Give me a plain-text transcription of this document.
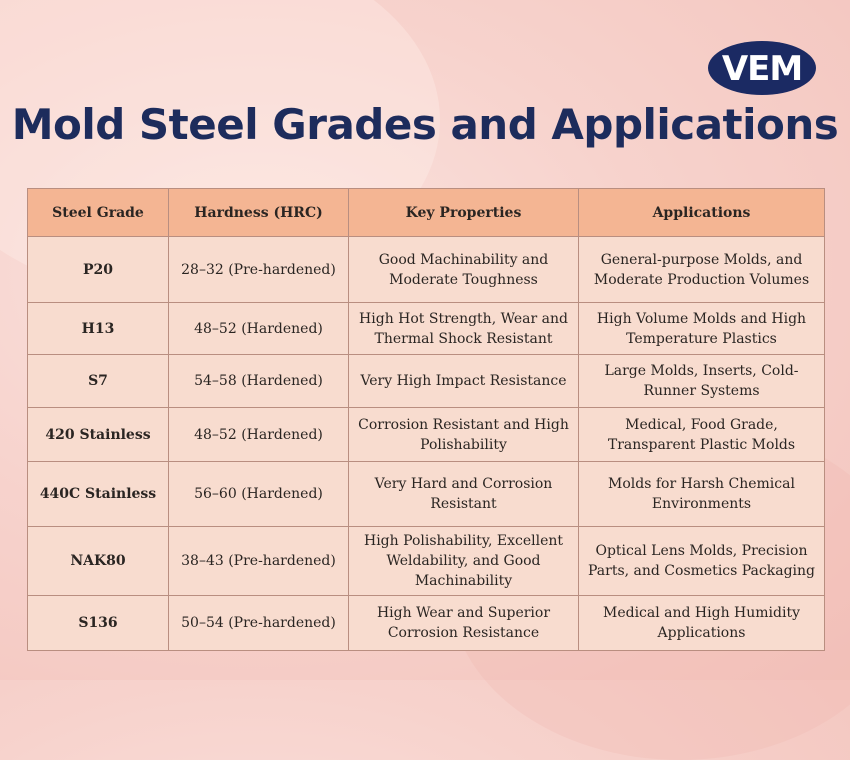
VEM
Mold Steel Grades and Applications
Steel Grade	Hardness (HRC)	Key Properties	Applications
P20	28–32 (Pre-hardened)	Good Machinability and Moderate Toughness	General-purpose Molds, and Moderate Production Volumes
H13	48–52 (Hardened)	High Hot Strength, Wear and Thermal Shock Resistant	High Volume Molds and High Temperature Plastics
S7	54–58 (Hardened)	Very High Impact Resistance	Large Molds, Inserts, Cold-Runner Systems
420 Stainless	48–52 (Hardened)	Corrosion Resistant and High Polishability	Medical, Food Grade, Transparent Plastic Molds
440C Stainless	56–60 (Hardened)	Very Hard and Corrosion Resistant	Molds for Harsh Chemical Environments
NAK80	38–43 (Pre-hardened)	High Polishability, Excellent Weldability, and Good Machinability	Optical Lens Molds, Precision Parts, and Cosmetics Packaging
S136	50–54 (Pre-hardened)	High Wear and Superior Corrosion Resistance	Medical and High Humidity Applications
